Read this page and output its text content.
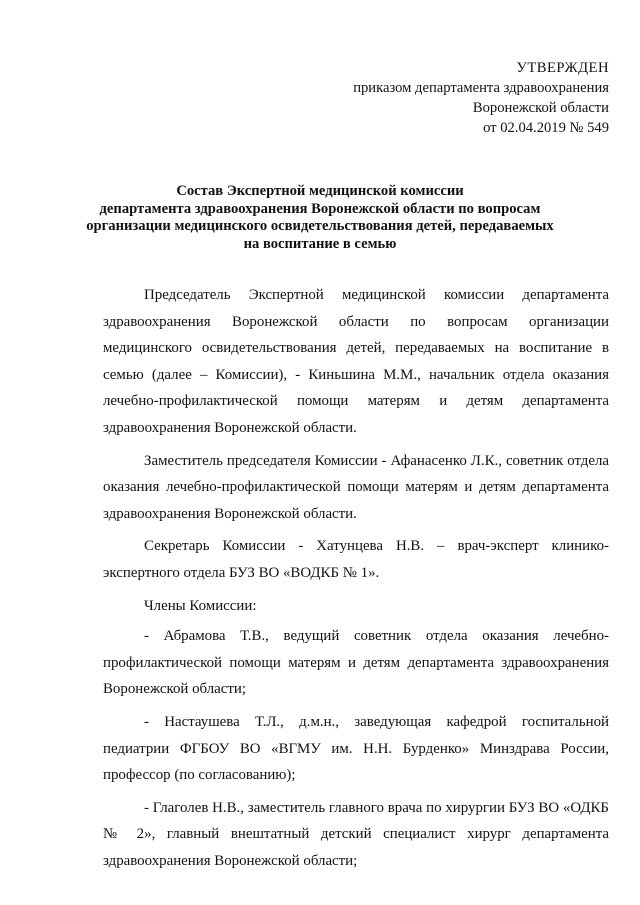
УТВЕРЖДЕН
приказом департамента здравоохранения
Воронежской области
от 02.04.2019 № 549
Состав Экспертной медицинской комиссии
департамента здравоохранения Воронежской области по вопросам
организации медицинского освидетельствования детей, передаваемых
на воспитание в семью

Председатель Экспертной медицинской комиссии департамента здравоохранения Воронежской области по вопросам организации медицинского освидетельствования детей, передаваемых на воспитание в семью (далее – Комиссии), - Киньшина М.М., начальник отдела оказания лечебно-профилактической помощи матерям и детям департамента здравоохранения Воронежской области.

Заместитель председателя Комиссии - Афанасенко Л.К., советник отдела оказания лечебно-профилактической помощи матерям и детям департамента здравоохранения Воронежской области.

Секретарь Комиссии - Хатунцева Н.В. – врач-эксперт клинико-экспертного отдела БУЗ ВО «ВОДКБ № 1».

Члены Комиссии:

- Абрамова Т.В., ведущий советник отдела оказания лечебно-профилактической помощи матерям и детям департамента здравоохранения Воронежской области;

- Настаушева Т.Л., д.м.н., заведующая кафедрой госпитальной педиатрии ФГБОУ ВО «ВГМУ им. Н.Н. Бурденко» Минздрава России, профессор (по согласованию);

- Глаголев Н.В., заместитель главного врача по хирургии БУЗ ВО «ОДКБ № 2», главный внештатный детский специалист хирург департамента здравоохранения Воронежской области;
